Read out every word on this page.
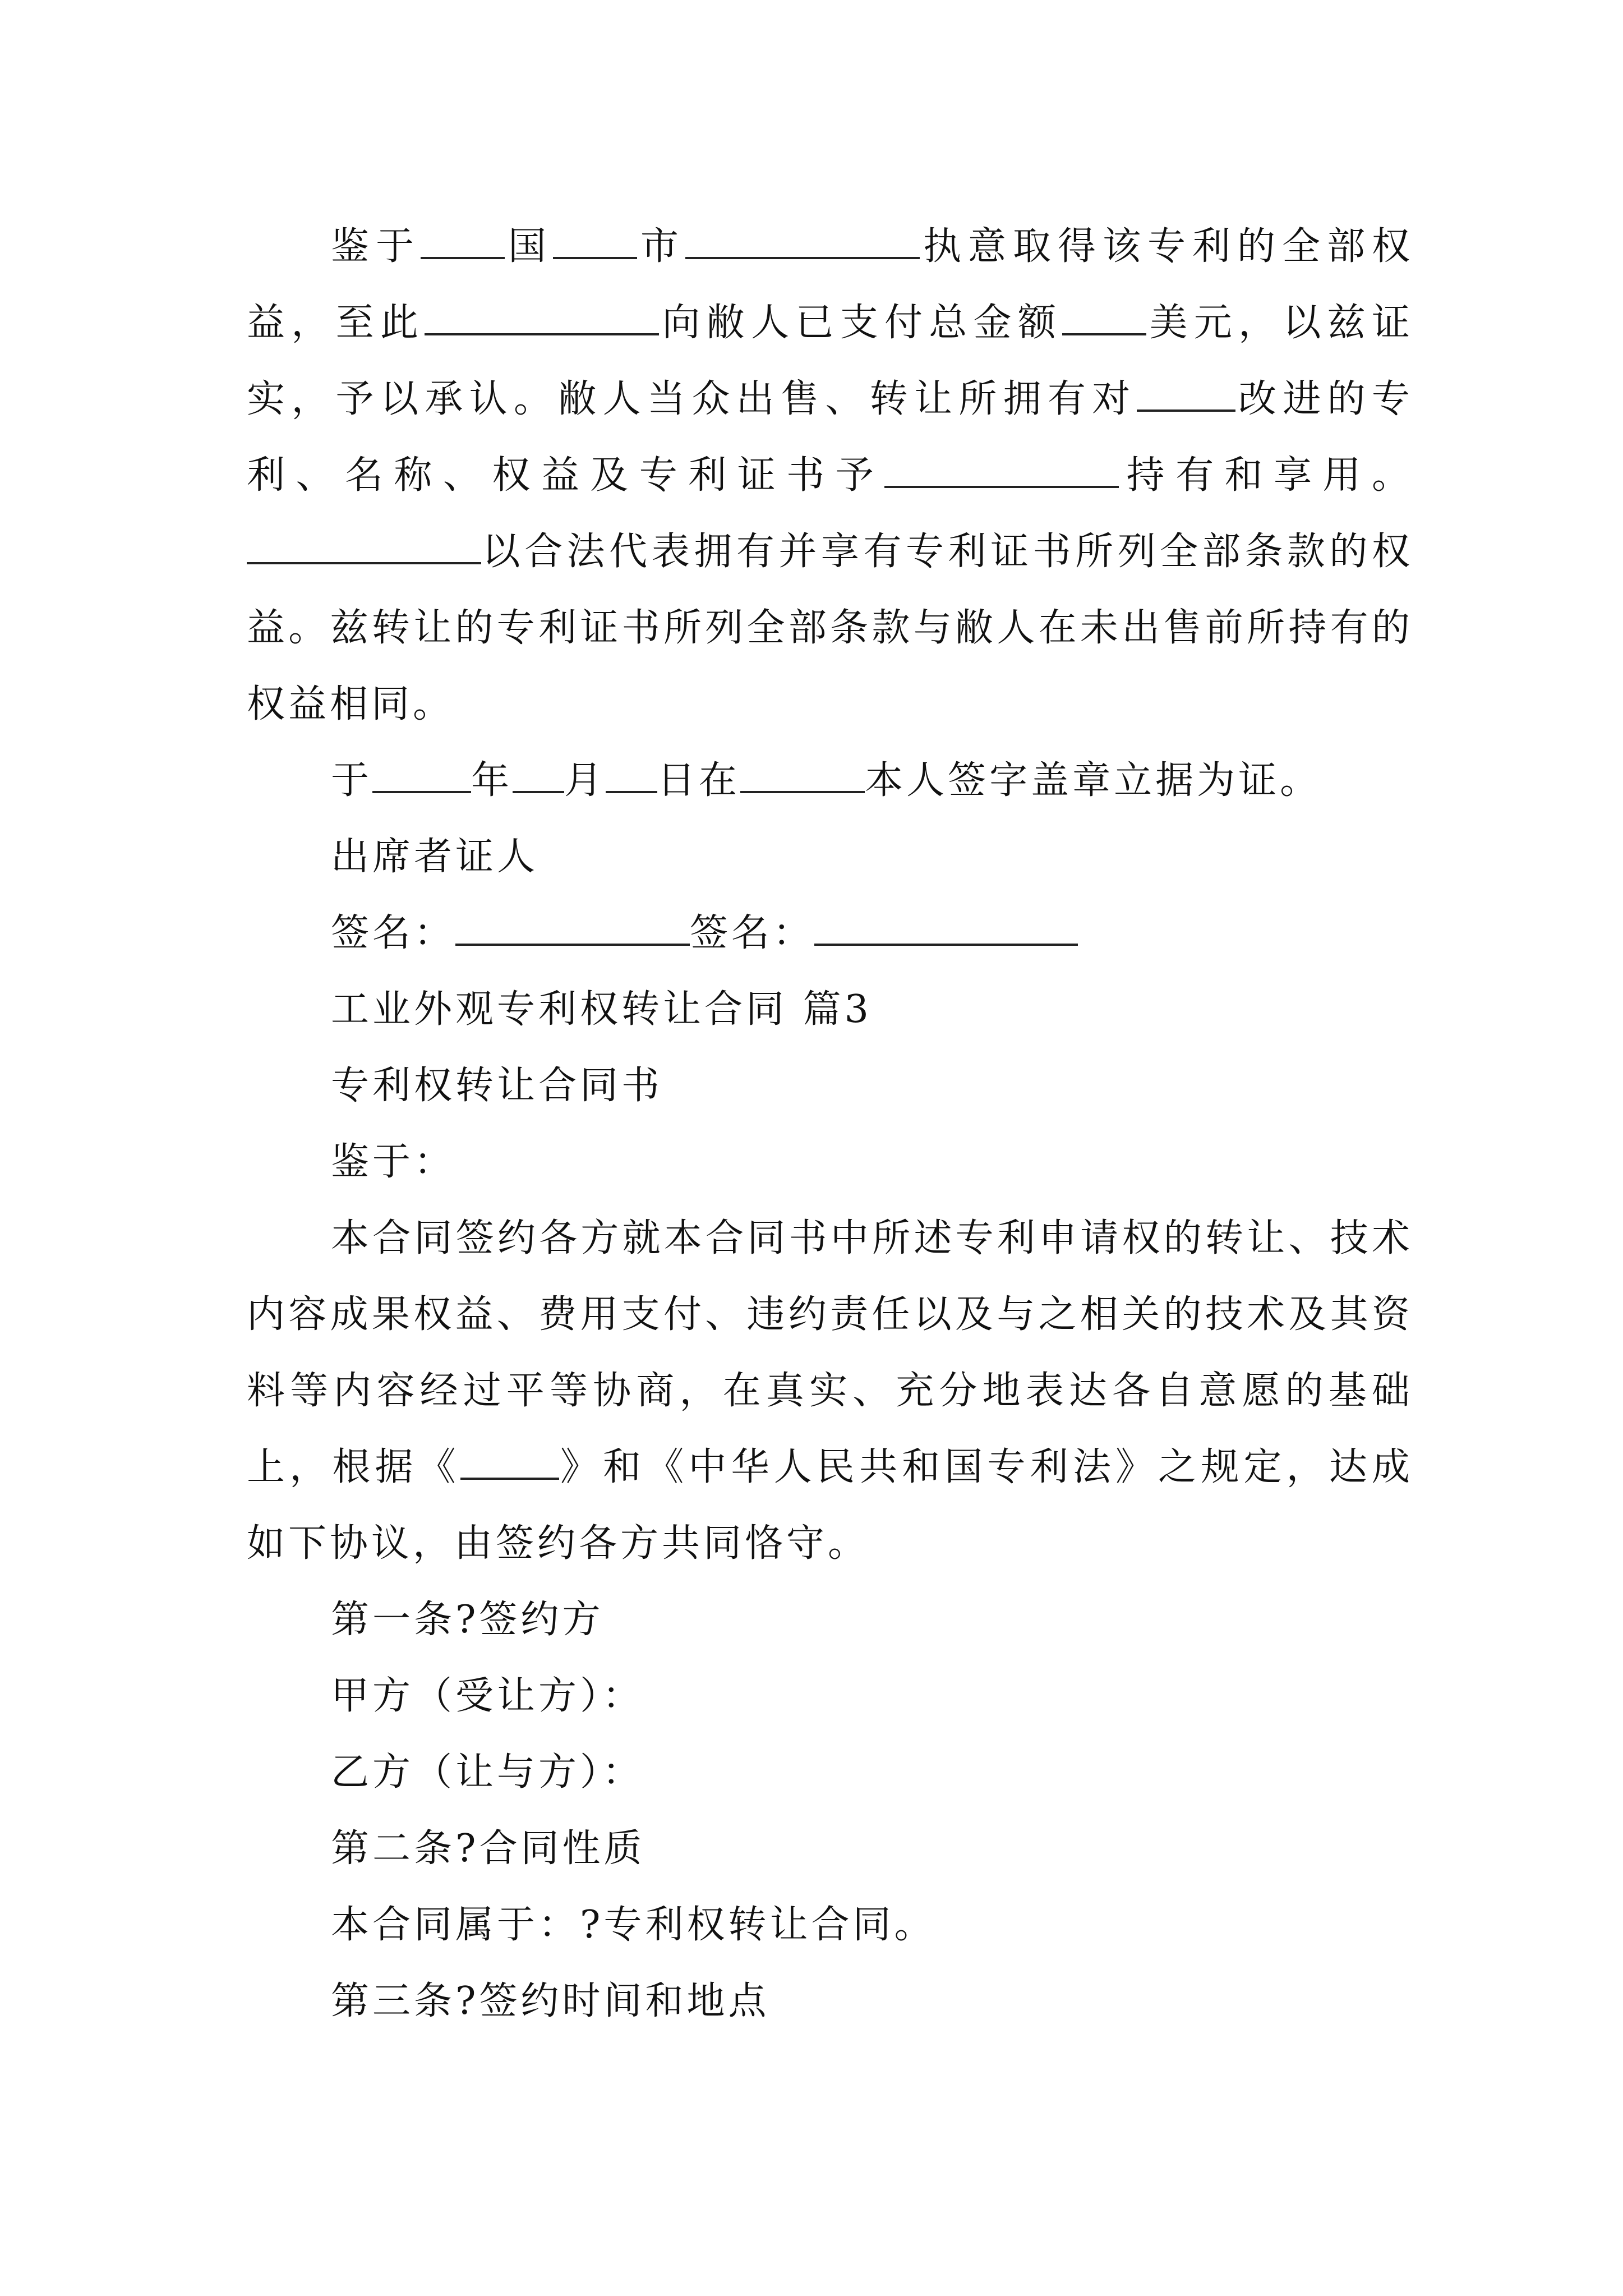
鉴于 国 市	执意取得该专利的全部权益，至此	向敝人已支付总金额 美元，以兹证实，予以承认。敝人当众出售、转让所拥有对	改进的专利、名称、权益及专利证书予	持有和享用。以合法代表拥有并享有专利证书所列全部条款的权益。兹转让的专利证书所列全部条款与敝人在未出售前所持有的权益相同。

于	年 月 日在	本人签字盖章立据为证。

出席者证人

签名：	签名：

工业外观专利权转让合同 篇3

专利权转让合同书

鉴于：

本合同签约各方就本合同书中所述专利申请权的转让、技术内容成果权益、费用支付、违约责任以及与之相关的技术及其资料等内容经过平等协商，在真实、充分地表达各自意愿的基础上，根据《	》和《中华人民共和国专利法》之规定，达成如下协议，由签约各方共同恪守。

第一条?签约方

甲方（受让方）：

乙方（让与方）：

第二条?合同性质

本合同属于：?专利权转让合同。

第三条?签约时间和地点
